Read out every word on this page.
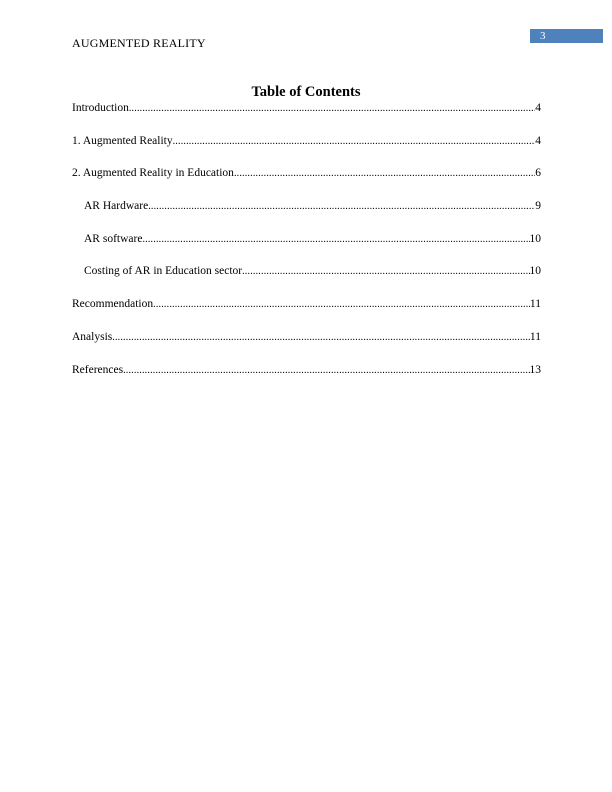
3
AUGMENTED REALITY
Table of Contents
Introduction .....	4
1. Augmented Reality .....	4
2. Augmented Reality in Education .....	6
AR Hardware .....	9
AR software .....	10
Costing of AR in Education sector .....	10
Recommendation .....	11
Analysis .....	11
References .....	13
